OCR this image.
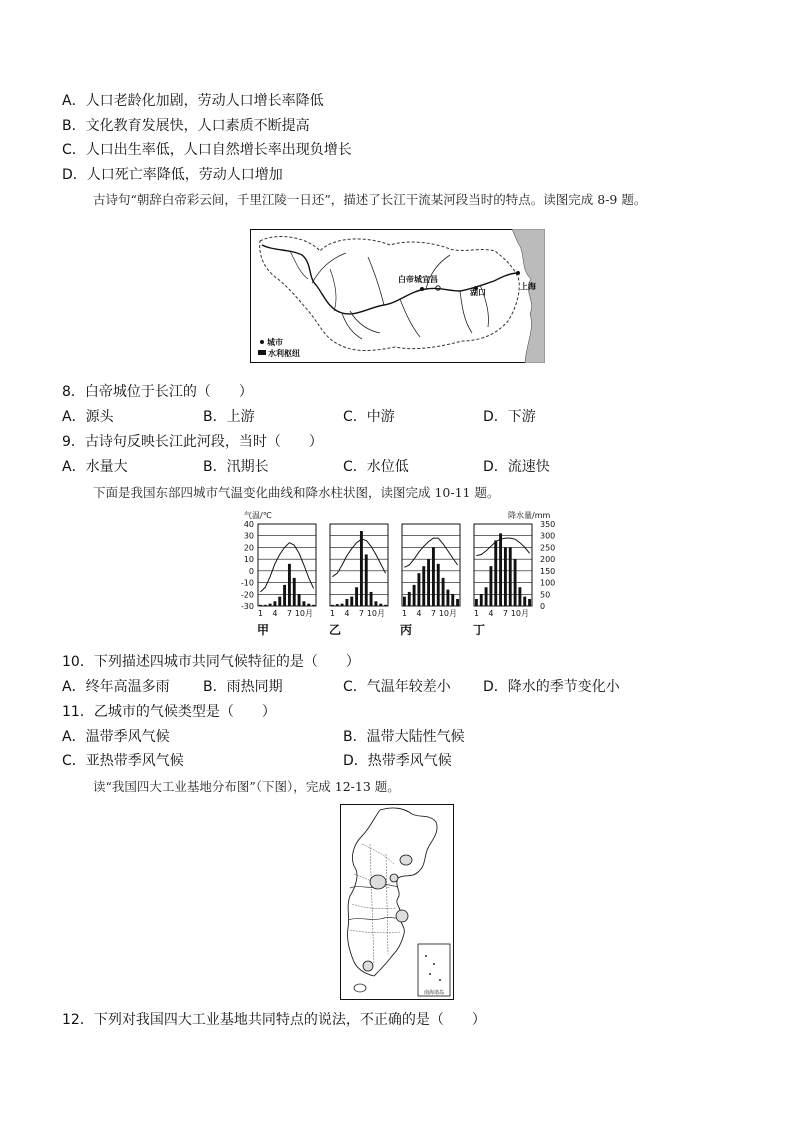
A．人口老龄化加剧，劳动人口增长率降低
B．文化教育发展快，人口素质不断提高
C．人口出生率低，人口自然增长率出现负增长
D．人口死亡率降低，劳动人口增加
古诗句“朝辞白帝彩云间，千里江陵一日还”，描述了长江干流某河段当时的特点。读图完成 8-9 题。
白帝城宜昌
湖口
上海
城市
水利枢纽
8．白帝城位于长江的（　　）
A．源头	B．上游	C．中游	D．下游
9．古诗句反映长江此河段，当时（　　）
A．水量大	B．汛期长	C．水位低	D．流速快
下面是我国东部四城市气温变化曲线和降水柱状图，读图完成 10-11 题。
气温/℃	降水量/mm
40
30
20
10
0
-10
-20
-30
350
300
250
200
150
100
50
0
1 4 7 10月 1 4 7 10月 1 4 7 10月 1 4 7 10月
甲	乙	丙	丁
10．下列描述四城市共同气候特征的是（　　）
A．终年高温多雨 B．雨热同期	C．气温年较差小 D．降水的季节变化小
11．乙城市的气候类型是（　　）
A．温带季风气候	B．温带大陆性气候
C．亚热带季风气候	D．热带季风气候
读“我国四大工业基地分布图”（下图），完成 12-13 题。
南海诸岛
12．下列对我国四大工业基地共同特点的说法，不正确的是（　　）
